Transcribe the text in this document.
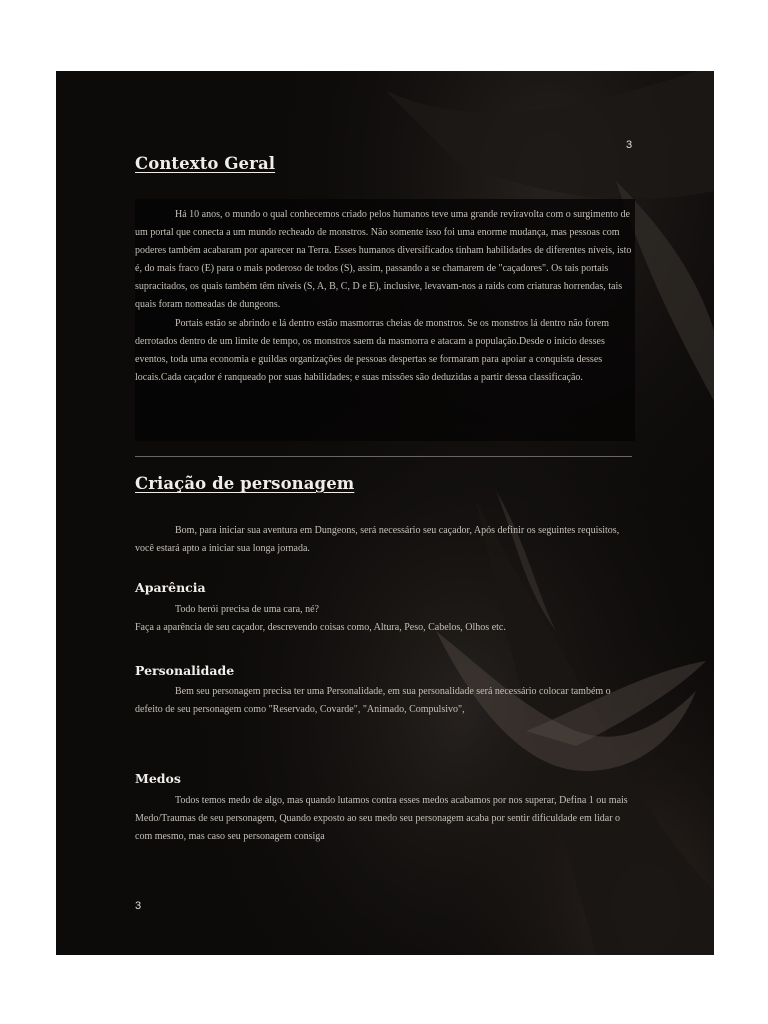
3
Contexto Geral

Há 10 anos, o mundo o qual conhecemos criado pelos humanos teve uma grande reviravolta com o surgimento de um portal que conecta a um mundo recheado de monstros. Não somente isso foi uma enorme mudança, mas pessoas com poderes também acabaram por aparecer na Terra. Esses humanos diversificados tinham habilidades de diferentes níveis, isto é, do mais fraco (E) para o mais poderoso de todos (S), assim, passando a se chamarem de "caçadores". Os tais portais supracitados, os quais também têm níveis (S, A, B, C, D e E), inclusive, levavam-nos a raids com criaturas horrendas, tais quais foram nomeadas de dungeons.

Portais estão se abrindo e lá dentro estão masmorras cheias de monstros. Se os monstros lá dentro não forem derrotados dentro de um limite de tempo, os monstros saem da masmorra e atacam a população.Desde o início desses eventos, toda uma economia e guildas organizações de pessoas despertas se formaram para apoiar a conquista desses locais.Cada caçador é ranqueado por suas habilidades; e suas missões são deduzidas a partir dessa classificação.

Criação de personagem

Bom, para iniciar sua aventura em Dungeons, será necessário seu caçador, Após definir os seguintes requisitos, você estará apto a iniciar sua longa jornada.

Aparência

Todo herói precisa de uma cara, né?

Faça a aparência de seu caçador, descrevendo coisas como, Altura, Peso, Cabelos, Olhos etc.

Personalidade

Bem seu personagem precisa ter uma Personalidade, em sua personalidade será necessário colocar também o defeito de seu personagem como "Reservado, Covarde", "Animado, Compulsivo",

Medos

Todos temos medo de algo, mas quando lutamos contra esses medos acabamos por nos superar, Defina 1 ou mais Medo/Traumas de seu personagem, Quando exposto ao seu medo seu personagem acaba por sentir dificuldade em lidar o com mesmo, mas caso seu personagem consiga

3
